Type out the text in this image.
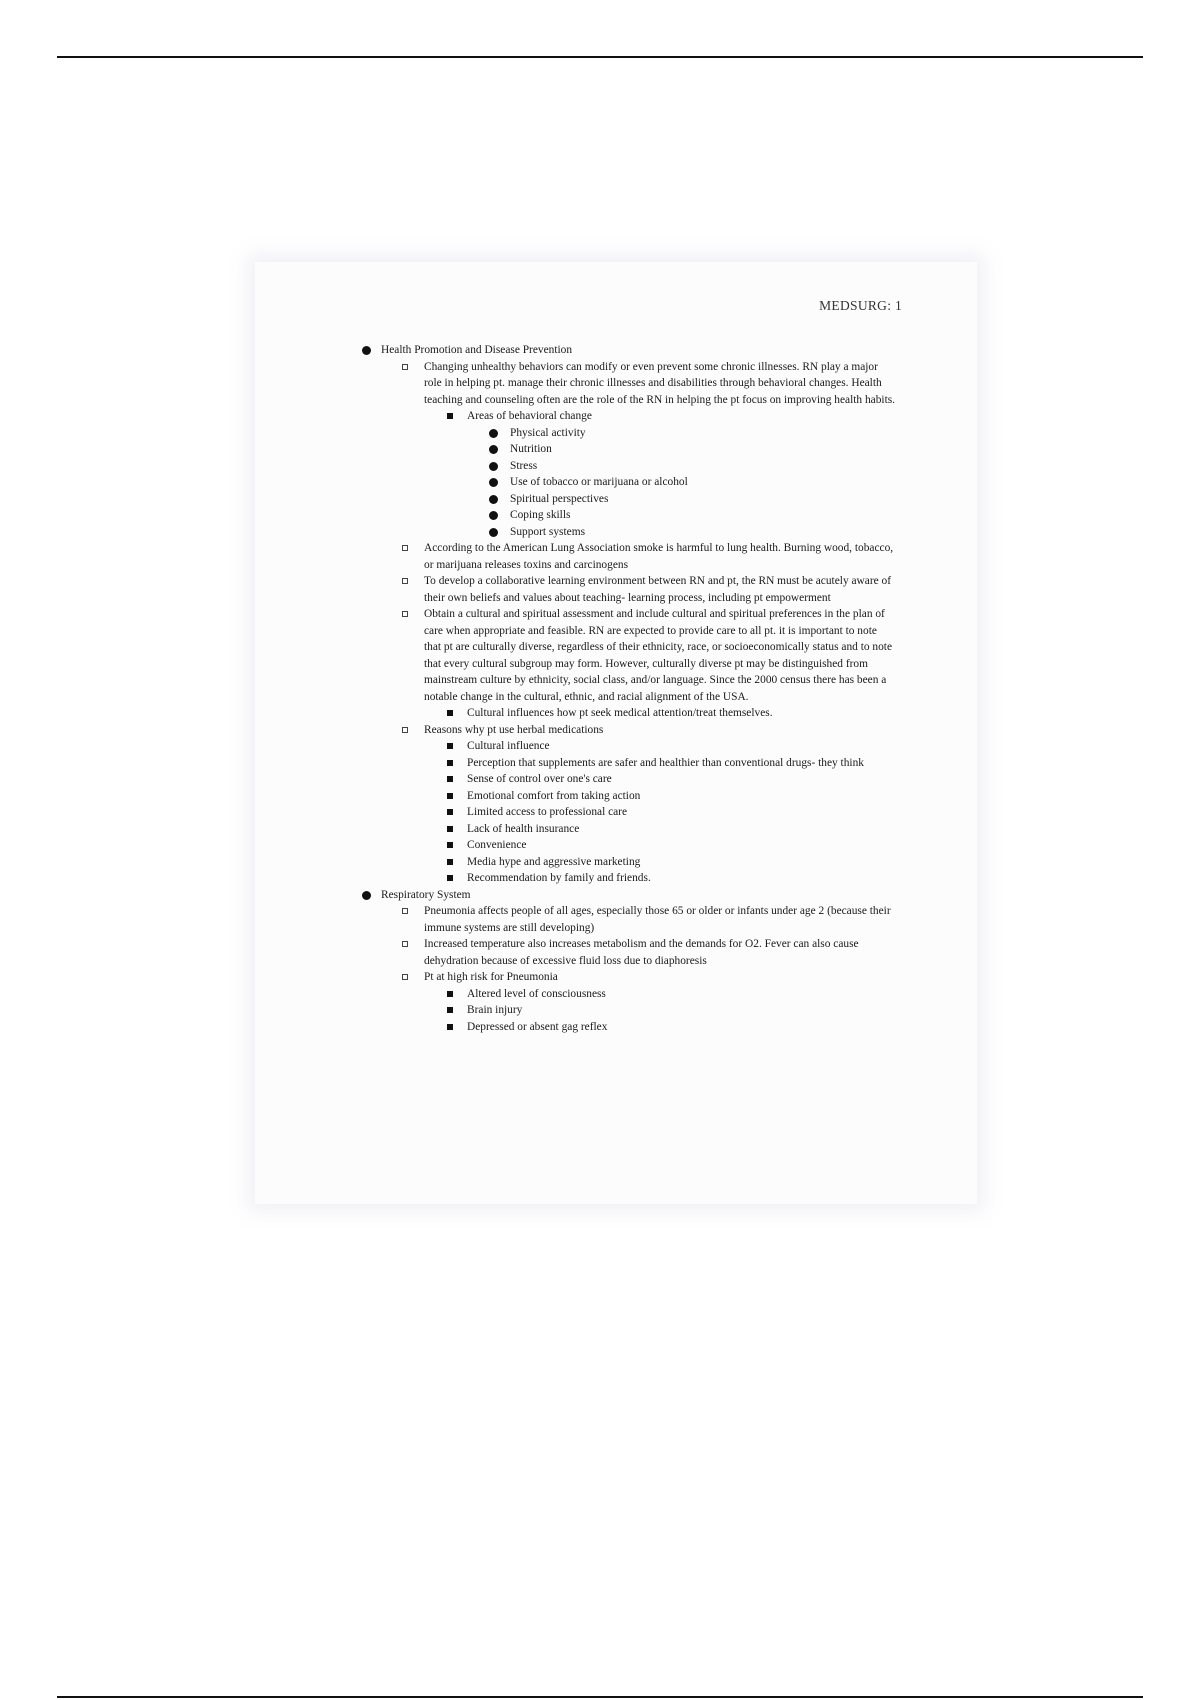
MEDSURG: 1
Health Promotion and Disease Prevention
Changing unhealthy behaviors can modify or even prevent some chronic illnesses. RN play a major role in helping pt. manage their chronic illnesses and disabilities through behavioral changes. Health teaching and counseling often are the role of the RN in helping the pt focus on improving health habits.
Areas of behavioral change
Physical activity
Nutrition
Stress
Use of tobacco or marijuana or alcohol
Spiritual perspectives
Coping skills
Support systems
According to the American Lung Association smoke is harmful to lung health. Burning wood, tobacco, or marijuana releases toxins and carcinogens
To develop a collaborative learning environment between RN and pt, the RN must be acutely aware of their own beliefs and values about teaching- learning process, including pt empowerment
Obtain a cultural and spiritual assessment and include cultural and spiritual preferences in the plan of care when appropriate and feasible. RN are expected to provide care to all pt. it is important to note that pt are culturally diverse, regardless of their ethnicity, race, or socioeconomically status and to note that every cultural subgroup may form. However, culturally diverse pt may be distinguished from mainstream culture by ethnicity, social class, and/or language. Since the 2000 census there has been a notable change in the cultural, ethnic, and racial alignment of the USA.
Cultural influences how pt seek medical attention/treat themselves.
Reasons why pt use herbal medications
Cultural influence
Perception that supplements are safer and healthier than conventional drugs- they think
Sense of control over one's care
Emotional comfort from taking action
Limited access to professional care
Lack of health insurance
Convenience
Media hype and aggressive marketing
Recommendation by family and friends.
Respiratory System
Pneumonia affects people of all ages, especially those 65 or older or infants under age 2 (because their immune systems are still developing)
Increased temperature also increases metabolism and the demands for O2. Fever can also cause dehydration because of excessive fluid loss due to diaphoresis
Pt at high risk for Pneumonia
Altered level of consciousness
Brain injury
Depressed or absent gag reflex
